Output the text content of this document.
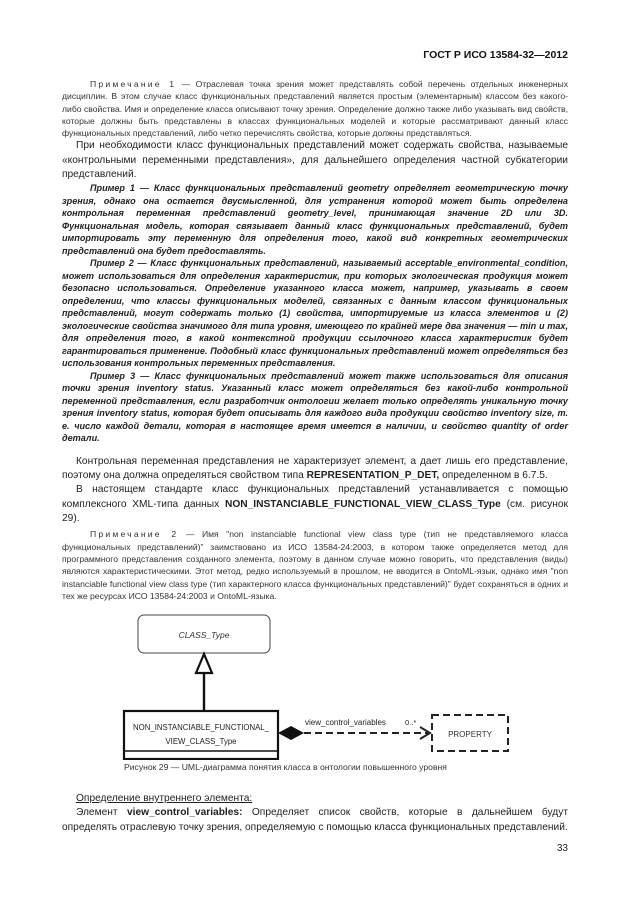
ГОСТ Р ИСО 13584-32—2012
Примечание 1 — Отраслевая точка зрения может представлять собой перечень отдельных инженерных дисциплин. В этом случае класс функциональных представлений является простым (элементарным) классом без какого-либо свойства. Имя и определение класса описывают точку зрения. Определение должно также либо указывать вид свойств, которые должны быть представлены в классах функциональных моделей и которые рассматривают данный класс функциональных представлений, либо четко перечислять свойства, которые должны представляться.
При необходимости класс функциональных представлений может содержать свойства, называемые «контрольными переменными представления», для дальнейшего определения частной субкатегории представлений.
Пример 1 — Класс функциональных представлений geometry определяет геометрическую точку зрения, однако она остается двусмысленной, для устранения которой может быть определена контрольная переменная представлений geometry_level, принимающая значение 2D или 3D. Функциональная модель, которая связывает данный класс функциональных представлений, будет импортировать эту переменную для определения того, какой вид конкретных геометрических представлений она будет предоставлять.
Пример 2 — Класс функциональных представлений, называемый acceptable_environmental_condition, может использоваться для определения характеристик, при которых экологическая продукция может безопасно использоваться. Определение указанного класса может, например, указывать в своем определении, что классы функциональных моделей, связанных с данным классом функциональных представлений, могут содержать только (1) свойства, импортируемые из класса элементов и (2) экологические свойства значимого для типа уровня, имеющего по крайней мере два значения — min и max, для определения того, в какой контекстной продукции ссылочного класса характеристик будет гарантироваться применение. Подобный класс функциональных представлений может определяться без использования контрольных переменных представления.
Пример 3 — Класс функциональных представлений может также использоваться для описания точки зрения inventory status. Указанный класс может определяться без какой-либо контрольной переменной представления, если разработчик онтологии желает только определять уникальную точку зрения inventory status, которая будет описывать для каждого вида продукции свойство inventory size, т. е. число каждой детали, которая в настоящее время имеется в наличии, и свойство quantity of order детали.
Контрольная переменная представления не характеризует элемент, а дает лишь его представление, поэтому она должна определяться свойством типа REPRESENTATION_P_DET, определенном в 6.7.5.
В настоящем стандарте класс функциональных представлений устанавливается с помощью комплексного XML-типа данных NON_INSTANCIABLE_FUNCTIONAL_VIEW_CLASS_Type (см. рисунок 29).
Примечание 2 — Имя "non instanciable functional view class type (тип не представляемого класса функциональных представлений)" заимствовано из ИСО 13584-24:2003, в котором также определяется метод для программного представления созданного элемента, поэтому в данном случае можно говорить, что представления (виды) являются характеристическими. Этот метод, редко используемый в прошлом, не вводится в OntoML-язык, однако имя "non instanciable functional view class type (тип характерного класса функциональных представлений)" будет сохраняться в одних и тех же ресурсах ИСО 13584-24:2003 и OntoML-языка.
CLASS_Type
NON_INSTANCIABLE_FUNCTIONAL_
VIEW_CLASS_Type
view_control_variables	0..*
PROPERTY
Рисунок 29 — UML-диаграмма понятия класса в онтологии повышенного уровня
Определение внутреннего элемента:
Элемент view_control_variables: Определяет список свойств, которые в дальнейшем будут определять отраслевую точку зрения, определяемую с помощью класса функциональных представлений.
33
